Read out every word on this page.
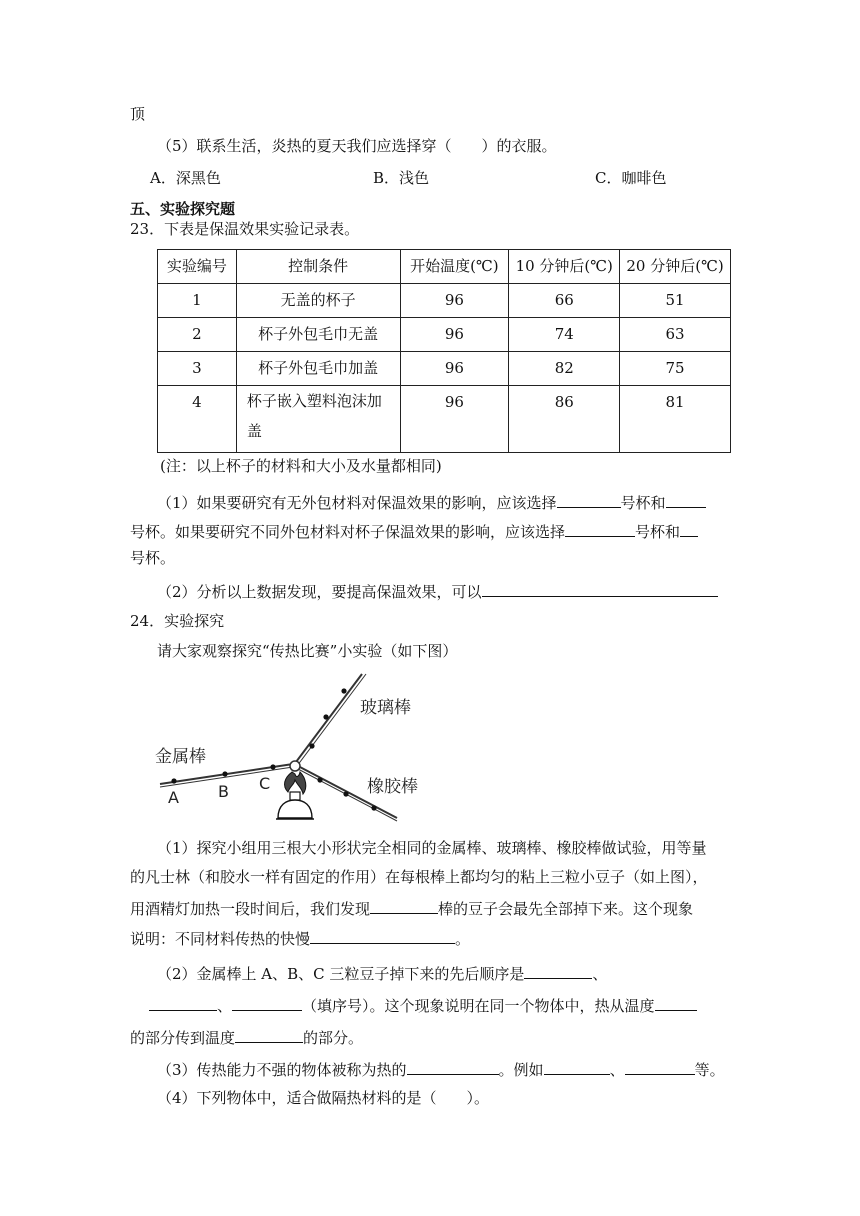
顶
（5）联系生活，炎热的夏天我们应选择穿（　　）的衣服。
A．深黑色	B．浅色	C．咖啡色
五、实验探究题
23．下表是保温效果实验记录表。
实验编号	控制条件	开始温度(℃)	10 分钟后(℃)	20 分钟后(℃)
1	无盖的杯子	96	66	51
2	杯子外包毛巾无盖	96	74	63
3	杯子外包毛巾加盖	96	82	75
4	杯子嵌入塑料泡沫加盖	96	86	81
(注：以上杯子的材料和大小及水量都相同)
（1）如果要研究有无外包材料对保温效果的影响，应该选择	号杯和
号杯。如果要研究不同外包材料对杯子保温效果的影响，应该选择	号杯和
号杯。
（2）分析以上数据发现，要提高保温效果，可以
24．实验探究
请大家观察探究“传热比赛”小实验（如下图）
玻璃棒
金属棒
橡胶棒
A B C
（1）探究小组用三根大小形状完全相同的金属棒、玻璃棒、橡胶棒做试验，用等量
的凡士林（和胶水一样有固定的作用）在每根棒上都均匀的粘上三粒小豆子（如上图），
用酒精灯加热一段时间后，我们发现	棒的豆子会最先全部掉下来。这个现象
说明：不同材料传热的快慢	。
（2）金属棒上 A、B、C 三粒豆子掉下来的先后顺序是	、
、	（填序号）。这个现象说明在同一个物体中，热从温度
的部分传到温度	的部分。
（3）传热能力不强的物体被称为热的	。例如	、	等。
（4）下列物体中，适合做隔热材料的是（　　）。
